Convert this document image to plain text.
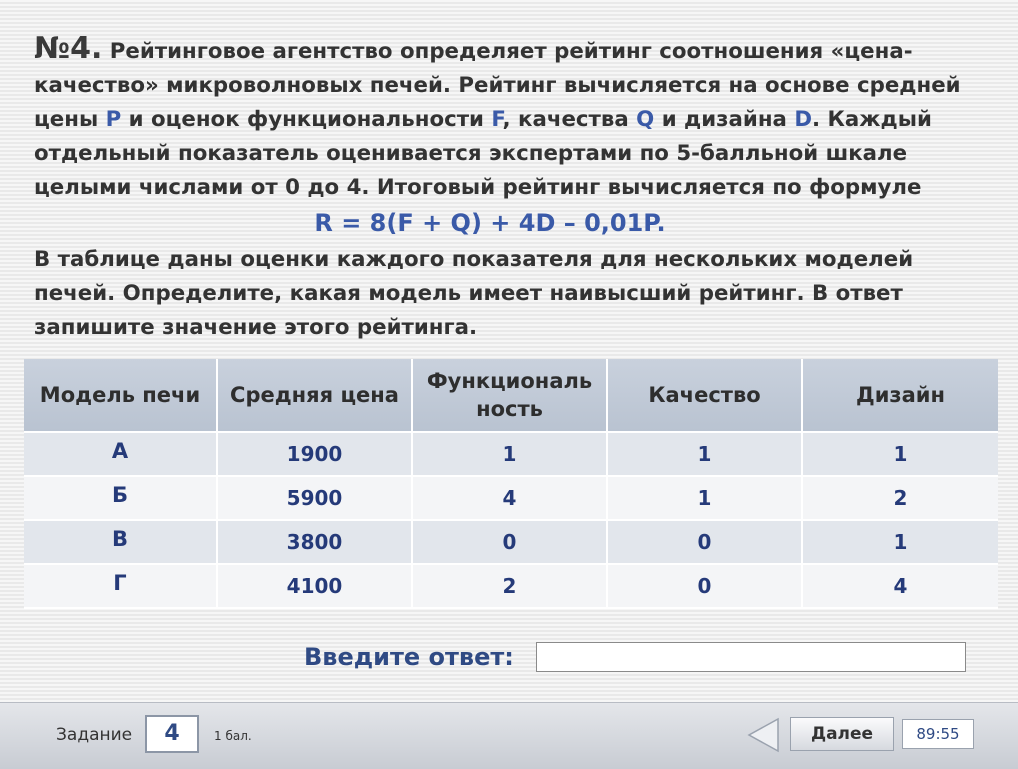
№4. Рейтинговое агентство определяет рейтинг соотношения «цена-качество» микроволновых печей. Рейтинг вычисляется на основе средней цены P и оценок функциональности F, качества Q и дизайна D. Каждый отдельный показатель оценивается экспертами по 5-балльной шкале целыми числами от 0 до 4. Итоговый рейтинг вычисляется по формуле
R = 8(F + Q) + 4D – 0,01P.
В таблице даны оценки каждого показателя для нескольких моделей печей. Определите, какая модель имеет наивысший рейтинг. В ответ запишите значение этого рейтинга.
Модель печи	Средняя цена	Функциональ ность	Качество	Дизайн
А	1900	1	1	1
Б	5900	4	1	2
В	3800	0	0	1
Г	4100	2	0	4
Введите ответ:
Задание	4	1 бал.	Далее	89:55
